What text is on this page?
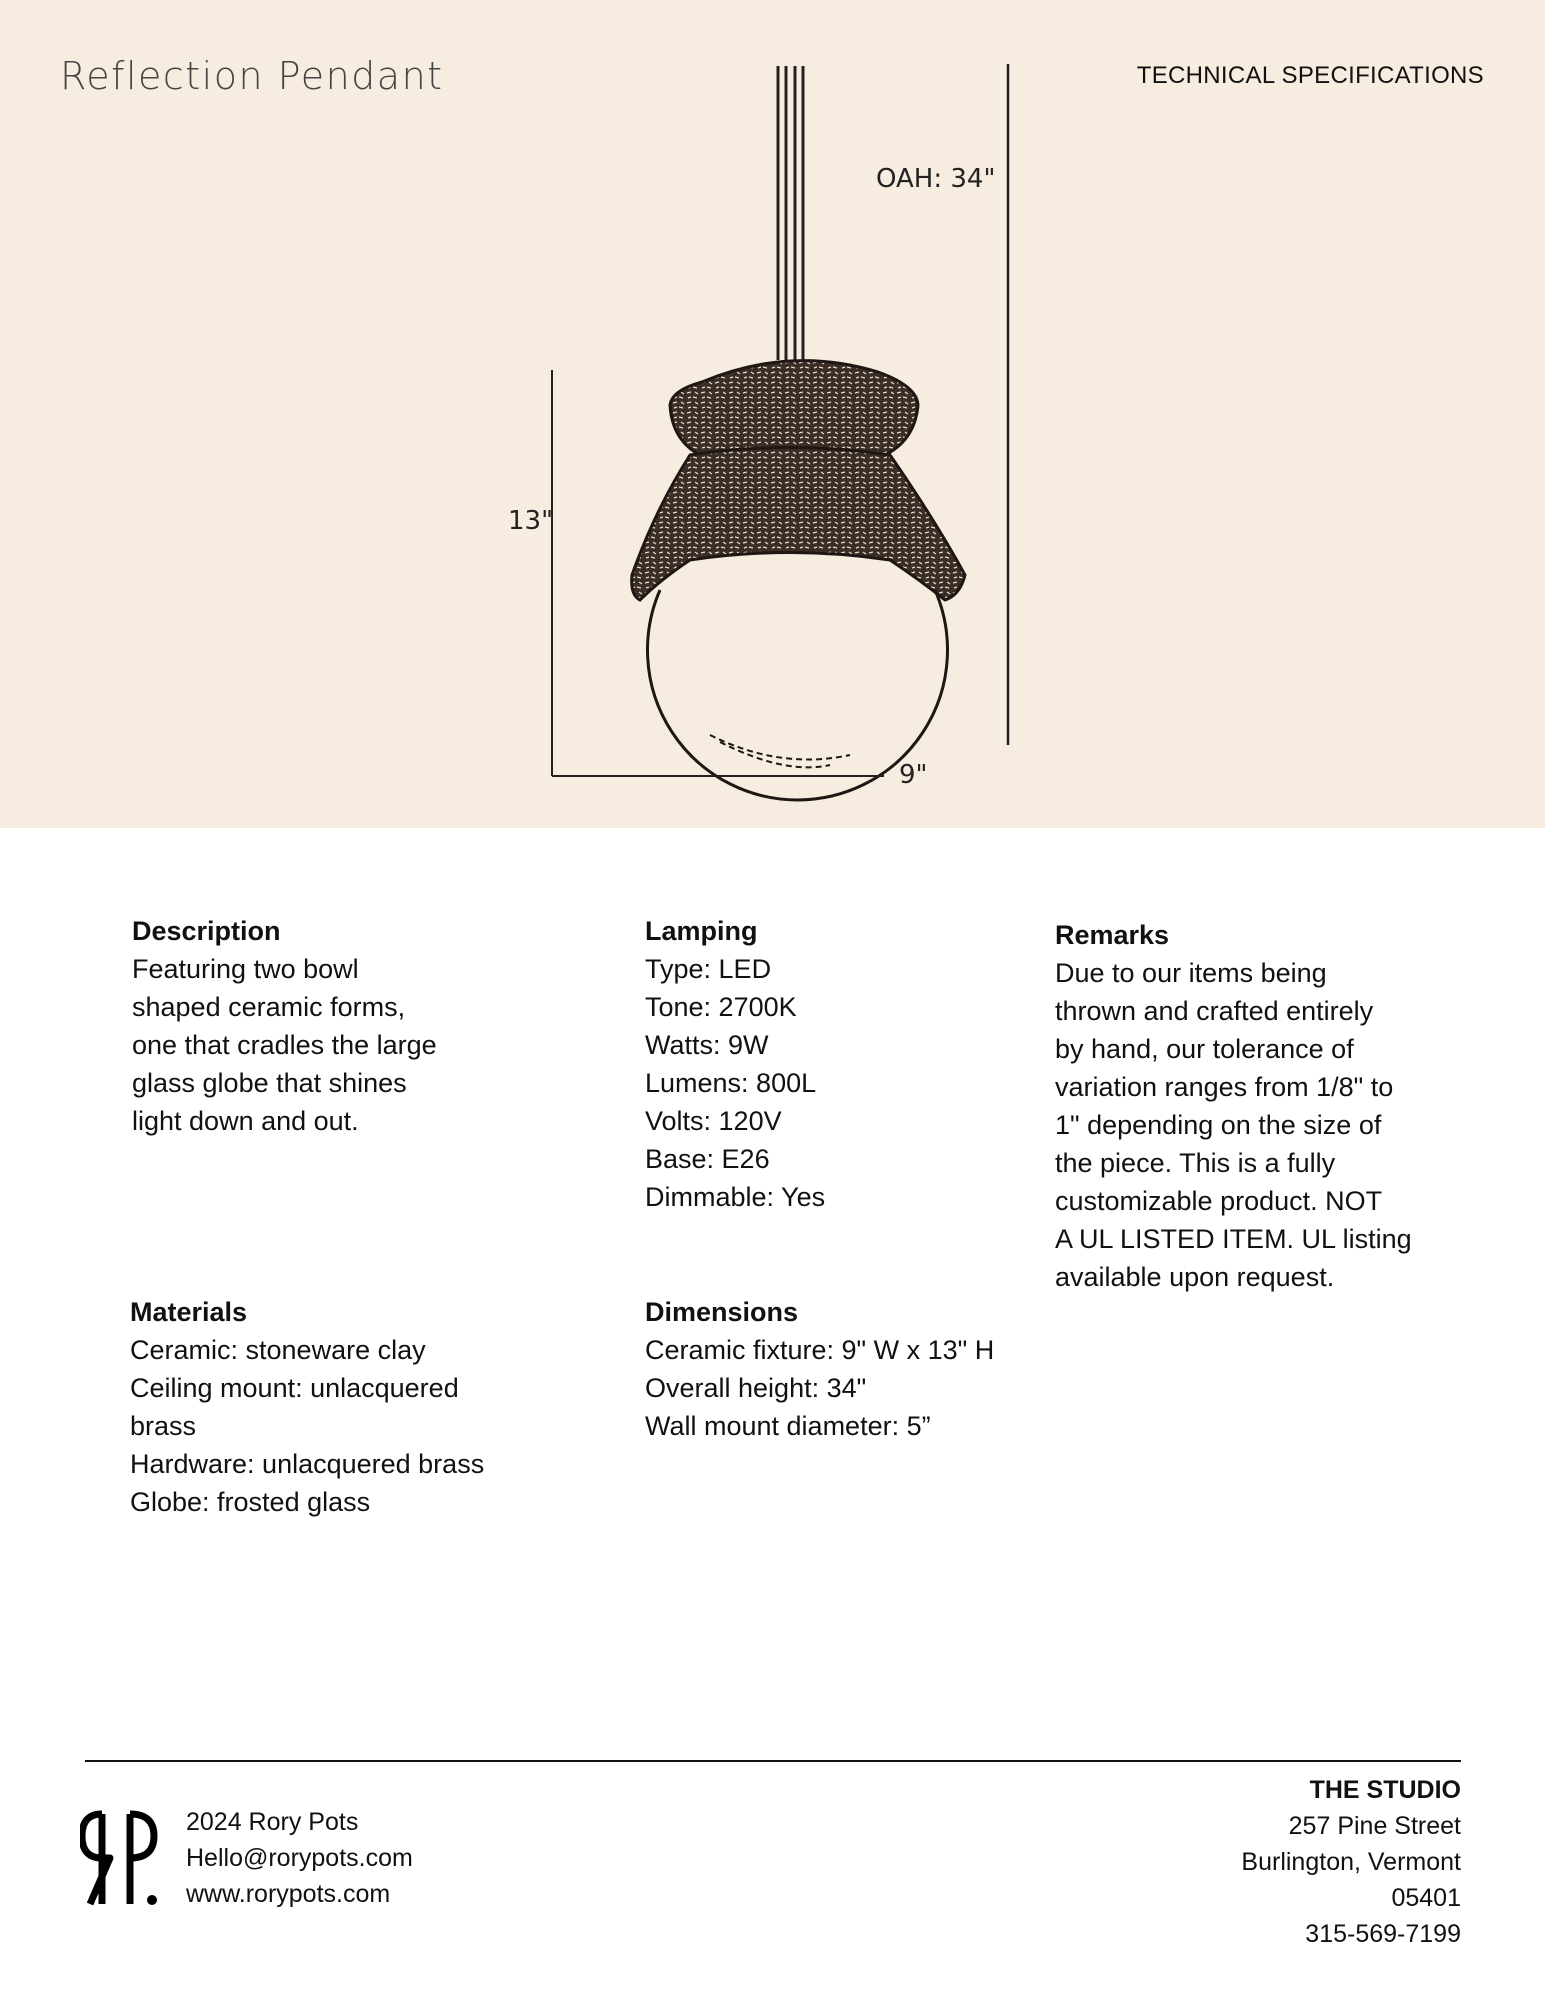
Reflection Pendant	TECHNICAL SPECIFICATIONS
OAH: 34"
13"
9"
Description
Featuring two bowl
shaped ceramic forms,
one that cradles the large
glass globe that shines
light down and out.
Lamping
Type: LED
Tone: 2700K
Watts: 9W
Lumens: 800L
Volts: 120V
Base: E26
Dimmable: Yes
Remarks
Due to our items being
thrown and crafted entirely
by hand, our tolerance of
variation ranges from 1/8" to
1" depending on the size of
the piece. This is a fully
customizable product. NOT
A UL LISTED ITEM. UL listing
available upon request.
Materials
Ceramic: stoneware clay
Ceiling mount: unlacquered
brass
Hardware: unlacquered brass
Globe: frosted glass
Dimensions
Ceramic fixture: 9" W x 13" H
Overall height: 34"
Wall mount diameter: 5”
2024 Rory Pots
Hello@rorypots.com
www.rorypots.com
THE STUDIO
257 Pine Street
Burlington, Vermont
05401
315-569-7199
